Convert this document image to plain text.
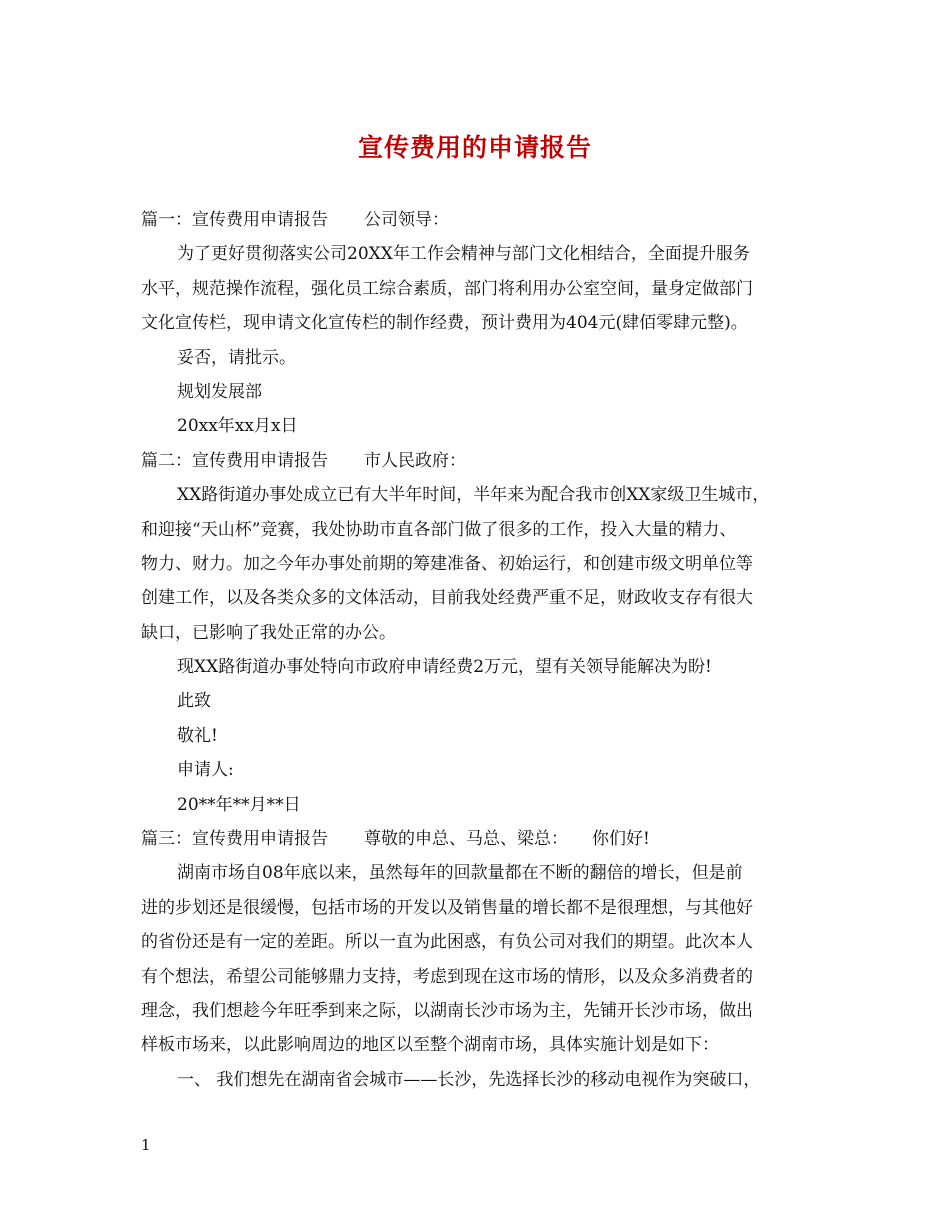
宣传费用的申请报告
篇一：宣传费用申请报告 公司领导：
为了更好贯彻落实公司20XX年工作会精神与部门文化相结合，全面提升服务
水平，规范操作流程，强化员工综合素质，部门将利用办公室空间，量身定做部门
文化宣传栏，现申请文化宣传栏的制作经费，预计费用为404元(肆佰零肆元整)。
妥否，请批示。
规划发展部
20xx年xx月x日
篇二：宣传费用申请报告 市人民政府：
XX路街道办事处成立已有大半年时间，半年来为配合我市创XX家级卫生城市，
和迎接“天山杯”竞赛，我处协助市直各部门做了很多的工作，投入大量的精力、
物力、财力。加之今年办事处前期的筹建准备、初始运行，和创建市级文明单位等
创建工作，以及各类众多的文体活动，目前我处经费严重不足，财政收支存有很大
缺口，已影响了我处正常的办公。
现XX路街道办事处特向市政府申请经费2万元，望有关领导能解决为盼!
此致
敬礼!
申请人:
20**年**月**日
篇三：宣传费用申请报告 尊敬的申总、马总、梁总： 你们好!
湖南市场自08年底以来，虽然每年的回款量都在不断的翻倍的增长，但是前
进的步划还是很缓慢，包括市场的开发以及销售量的增长都不是很理想，与其他好
的省份还是有一定的差距。所以一直为此困惑，有负公司对我们的期望。此次本人
有个想法，希望公司能够鼎力支持，考虑到现在这市场的情形，以及众多消费者的
理念，我们想趁今年旺季到来之际，以湖南长沙市场为主，先铺开长沙市场，做出
样板市场来，以此影响周边的地区以至整个湖南市场，具体实施计划是如下：
一、 我们想先在湖南省会城市——长沙，先选择长沙的移动电视作为突破口，
1
